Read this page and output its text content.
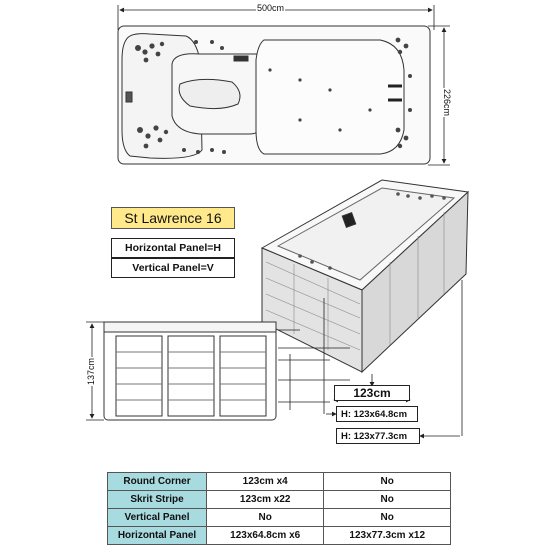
500cm
226cm
137cm
St Lawrence 16
Horizontal Panel=H
Vertical Panel=V
123cm
H: 123x64.8cm
H: 123x77.3cm
Round Corner	123cm x4	No
Skrit Stripe	123cm x22	No
Vertical Panel	No	No
Horizontal Panel	123x64.8cm x6	123x77.3cm x12
